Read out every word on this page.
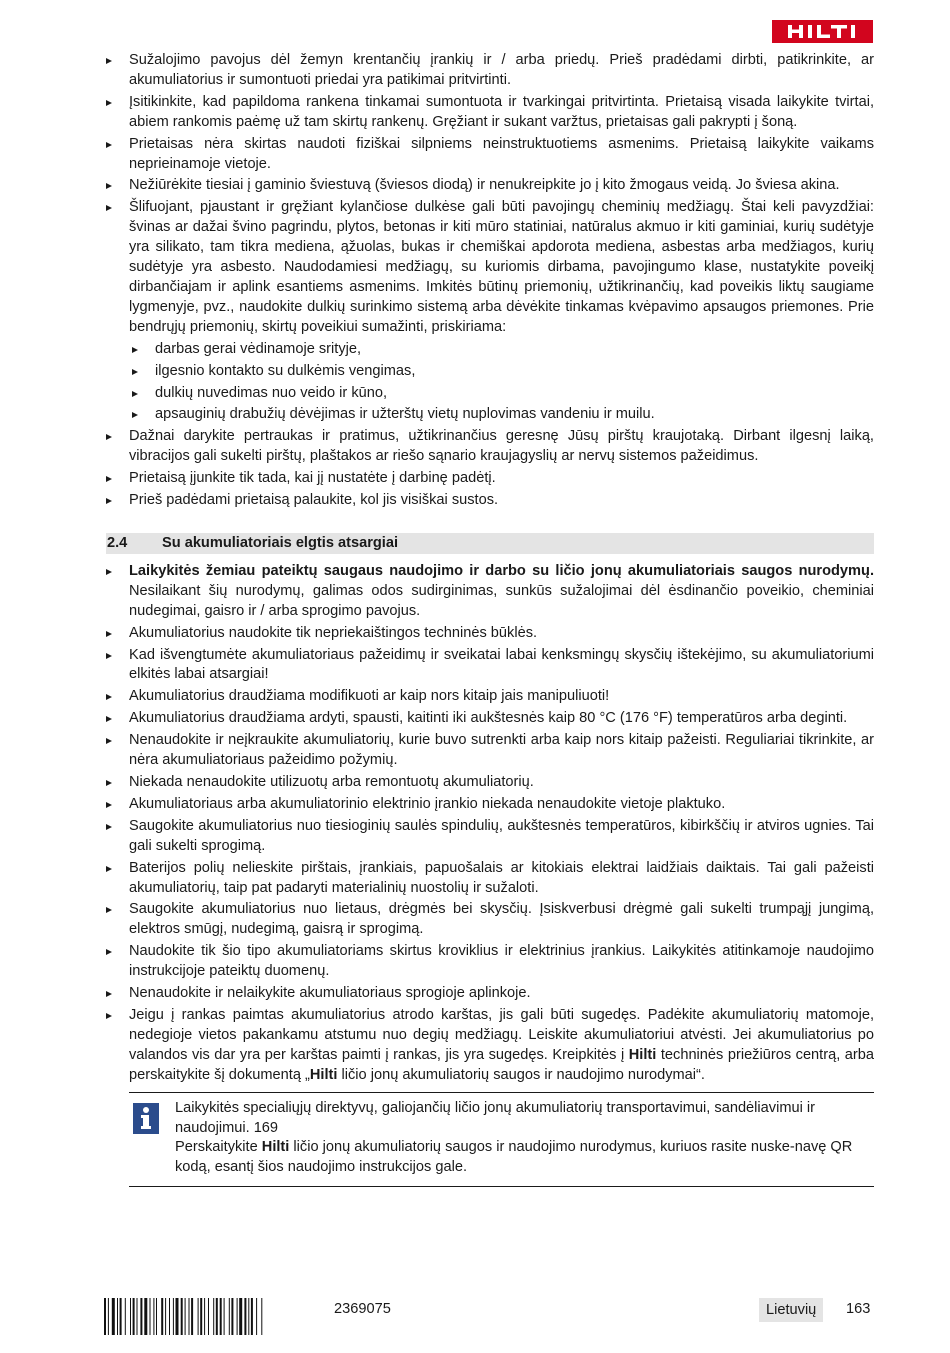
Sužalojimo pavojus dėl žemyn krentančių įrankių ir / arba priedų. Prieš pradėdami dirbti, patikrinkite, ar akumuliatorius ir sumontuoti priedai yra patikimai pritvirtinti.
Įsitikinkite, kad papildoma rankena tinkamai sumontuota ir tvarkingai pritvirtinta. Prietaisą visada laikykite tvirtai, abiem rankomis paėmę už tam skirtų rankenų. Gręžiant ir sukant varžtus, prietaisas gali pakrypti į šoną.
Prietaisas nėra skirtas naudoti fiziškai silpniems neinstruktuotiems asmenims. Prietaisą laikykite vaikams neprieinamoje vietoje.
Nežiūrėkite tiesiai į gaminio šviestuvą (šviesos diodą) ir nenukreipkite jo į kito žmogaus veidą. Jo šviesa akina.
Šlifuojant, pjaustant ir gręžiant kylančiose dulkėse gali būti pavojingų cheminių medžiagų. Štai keli pavyzdžiai: švinas ar dažai švino pagrindu, plytos, betonas ir kiti mūro statiniai, natūralus akmuo ir kiti gaminiai, kurių sudėtyje yra silikato, tam tikra mediena, ąžuolas, bukas ir chemiškai apdorota mediena, asbestas arba medžiagos, kurių sudėtyje yra asbesto. Naudodamiesi medžiagų, su kuriomis dirbama, pavojingumo klase, nustatykite poveikį dirbančiajam ir aplink esantiems asmenims. Imkitės būtinų priemonių, užtikrinančių, kad poveikis liktų saugiame lygmenyje, pvz., naudokite dulkių surinkimo sistemą arba dėvėkite tinkamas kvėpavimo apsaugos priemones. Prie bendrųjų priemonių, skirtų poveikiui sumažinti, priskiriama:
darbas gerai vėdinamoje srityje,
ilgesnio kontakto su dulkėmis vengimas,
dulkių nuvedimas nuo veido ir kūno,
apsauginių drabužių dėvėjimas ir užterštų vietų nuplovimas vandeniu ir muilu.
Dažnai darykite pertraukas ir pratimus, užtikrinančius geresnę Jūsų pirštų kraujotaką. Dirbant ilgesnį laiką, vibracijos gali sukelti pirštų, plaštakos ar riešo sąnario kraujagyslių ar nervų sistemos pažeidimus.
Prietaisą įjunkite tik tada, kai jį nustatėte į darbinę padėtį.
Prieš padėdami prietaisą palaukite, kol jis visiškai sustos.
2.4	Su akumuliatoriais elgtis atsargiai
Laikykitės žemiau pateiktų saugaus naudojimo ir darbo su ličio jonų akumuliatoriais saugos nurodymų. Nesilaikant šių nurodymų, galimas odos sudirginimas, sunkūs sužalojimai dėl ėsdinančio poveikio, cheminiai nudegimai, gaisro ir / arba sprogimo pavojus.
Akumuliatorius naudokite tik nepriekaištingos techninės būklės.
Kad išvengtumėte akumuliatoriaus pažeidimų ir sveikatai labai kenksmingų skysčių ištekėjimo, su akumuliatoriumi elkitės labai atsargiai!
Akumuliatorius draudžiama modifikuoti ar kaip nors kitaip jais manipuliuoti!
Akumuliatorius draudžiama ardyti, spausti, kaitinti iki aukštesnės kaip 80 °C (176 °F) temperatūros arba deginti.
Nenaudokite ir neįkraukite akumuliatorių, kurie buvo sutrenkti arba kaip nors kitaip pažeisti. Reguliariai tikrinkite, ar nėra akumuliatoriaus pažeidimo požymių.
Niekada nenaudokite utilizuotų arba remontuotų akumuliatorių.
Akumuliatoriaus arba akumuliatorinio elektrinio įrankio niekada nenaudokite vietoje plaktuko.
Saugokite akumuliatorius nuo tiesioginių saulės spindulių, aukštesnės temperatūros, kibirkščių ir atviros ugnies. Tai gali sukelti sprogimą.
Baterijos polių nelieskite pirštais, įrankiais, papuošalais ar kitokiais elektrai laidžiais daiktais. Tai gali pažeisti akumuliatorių, taip pat padaryti materialinių nuostolių ir sužaloti.
Saugokite akumuliatorius nuo lietaus, drėgmės bei skysčių. Įsiskverbusi drėgmė gali sukelti trumpąjį jungimą, elektros smūgį, nudegimą, gaisrą ir sprogimą.
Naudokite tik šio tipo akumuliatoriams skirtus kroviklius ir elektrinius įrankius. Laikykitės atitinkamoje naudojimo instrukcijoje pateiktų duomenų.
Nenaudokite ir nelaikykite akumuliatoriaus sprogioje aplinkoje.
Jeigu į rankas paimtas akumuliatorius atrodo karštas, jis gali būti sugedęs. Padėkite akumuliatorių matomoje, nedegioje vietos pakankamu atstumu nuo degių medžiagų. Leiskite akumuliatoriui atvėsti. Jei akumuliatorius po valandos vis dar yra per karštas paimti į rankas, jis yra sugedęs. Kreipkitės į Hilti techninės priežiūros centrą, arba perskaitykite šį dokumentą „Hilti ličio jonų akumuliatorių saugos ir naudojimo nurodymai“.

Laikykitės specialiųjų direktyvų, galiojančių ličio jonų akumuliatorių transportavimui, sandėliavimui ir naudojimui. 169

Perskaitykite Hilti ličio jonų akumuliatorių saugos ir naudojimo nurodymus, kuriuos rasite nuske-navę QR kodą, esantį šios naudojimo instrukcijos gale.

2369075	Lietuvių	163
